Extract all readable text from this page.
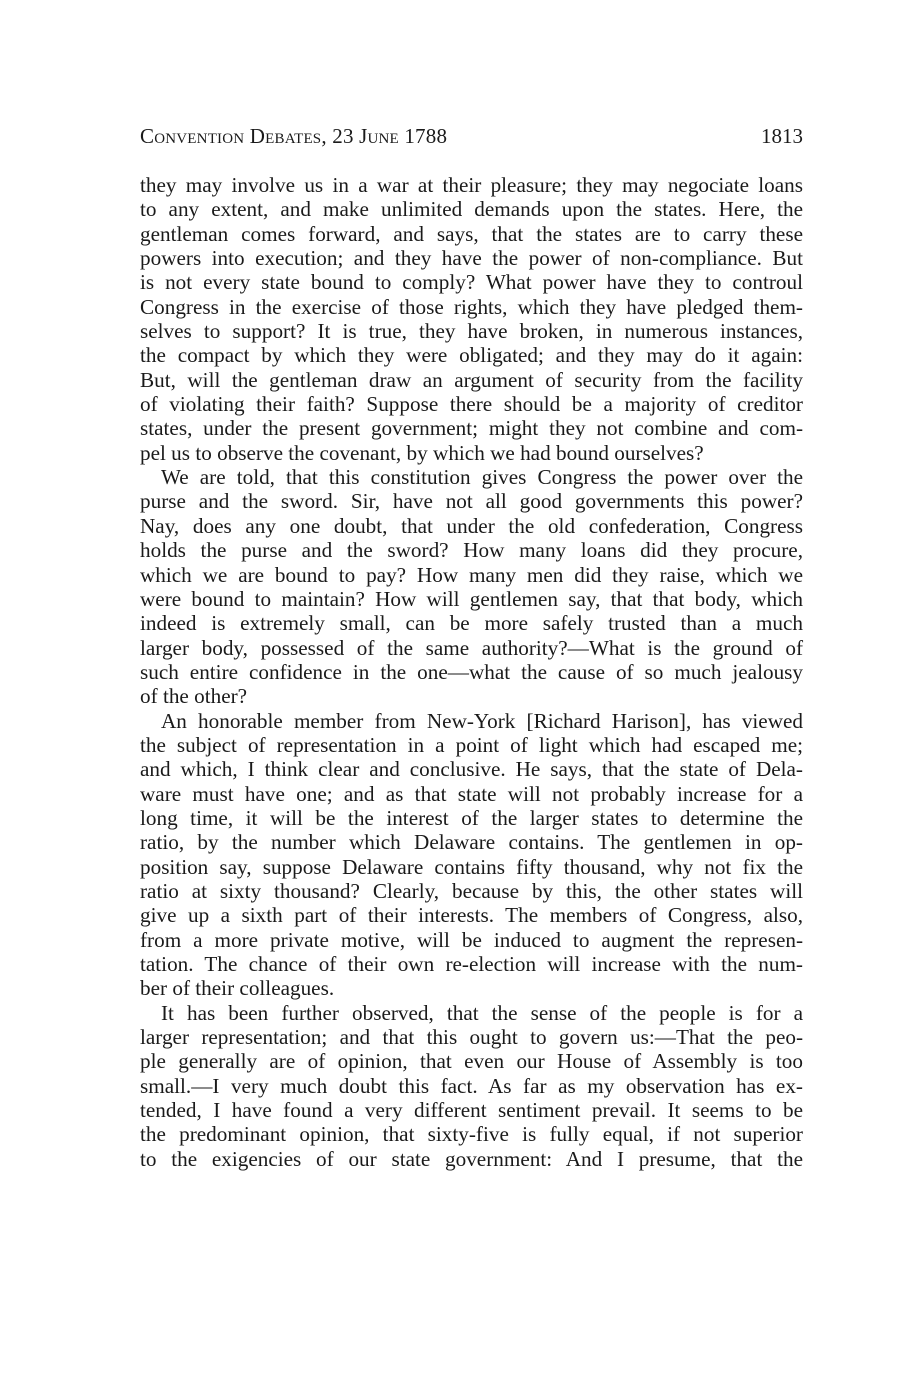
Convention Debates, 23 June 1788	1813

they may involve us in a war at their pleasure; they may negociate loans

to any extent, and make unlimited demands upon the states. Here, the

gentleman comes forward, and says, that the states are to carry these

powers into execution; and they have the power of non-compliance. But

is not every state bound to comply? What power have they to controul

Congress in the exercise of those rights, which they have pledged them-

selves to support? It is true, they have broken, in numerous instances,

the compact by which they were obligated; and they may do it again:

But, will the gentleman draw an argument of security from the facility

of violating their faith? Suppose there should be a majority of creditor

states, under the present government; might they not combine and com-

pel us to observe the covenant, by which we had bound ourselves?

We are told, that this constitution gives Congress the power over the

purse and the sword. Sir, have not all good governments this power?

Nay, does any one doubt, that under the old confederation, Congress

holds the purse and the sword? How many loans did they procure,

which we are bound to pay? How many men did they raise, which we

were bound to maintain? How will gentlemen say, that that body, which

indeed is extremely small, can be more safely trusted than a much

larger body, possessed of the same authority?—What is the ground of

such entire confidence in the one—what the cause of so much jealousy

of the other?

An honorable member from New-York [Richard Harison], has viewed

the subject of representation in a point of light which had escaped me;

and which, I think clear and conclusive. He says, that the state of Dela-

ware must have one; and as that state will not probably increase for a

long time, it will be the interest of the larger states to determine the

ratio, by the number which Delaware contains. The gentlemen in op-

position say, suppose Delaware contains fifty thousand, why not fix the

ratio at sixty thousand? Clearly, because by this, the other states will

give up a sixth part of their interests. The members of Congress, also,

from a more private motive, will be induced to augment the represen-

tation. The chance of their own re-election will increase with the num-

ber of their colleagues.

It has been further observed, that the sense of the people is for a

larger representation; and that this ought to govern us:—That the peo-

ple generally are of opinion, that even our House of Assembly is too

small.—I very much doubt this fact. As far as my observation has ex-

tended, I have found a very different sentiment prevail. It seems to be

the predominant opinion, that sixty-five is fully equal, if not superior

to the exigencies of our state government: And I presume, that the
